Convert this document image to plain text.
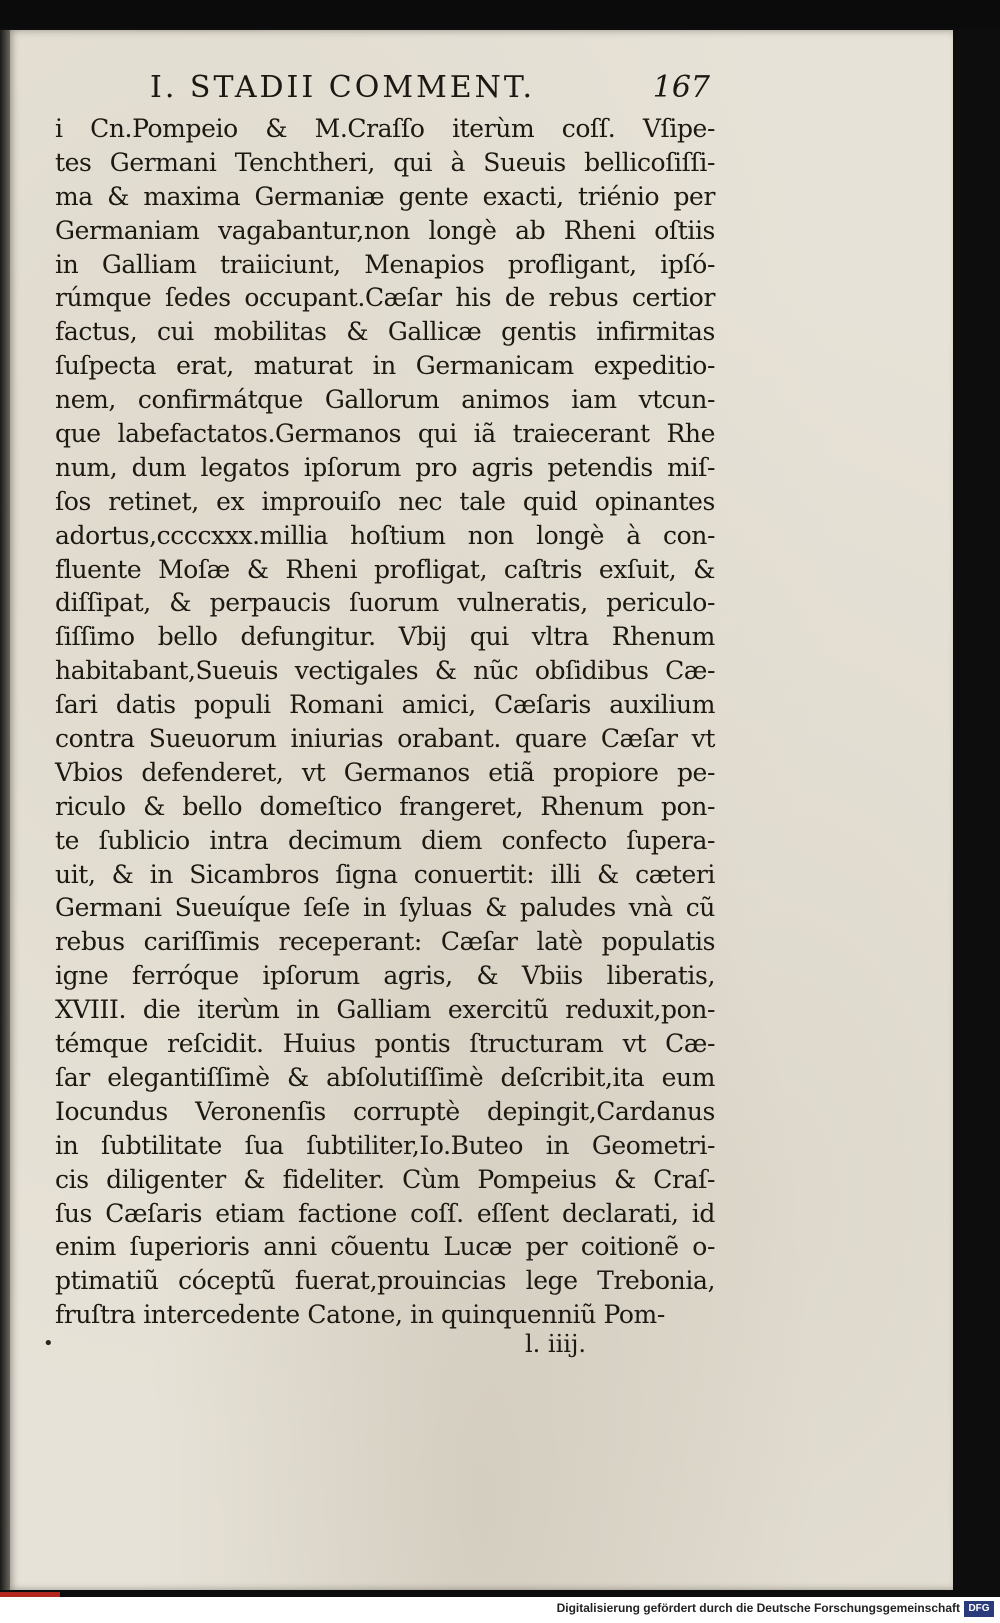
I. STADII COMMENT.	167
i Cn.Pompeio & M.Craſſo iterùm coſſ. Vſipe-
tes Germani Tenchtheri, qui à Sueuis bellicoſiſſi-
ma & maxima Germaniæ gente exacti, triénio per
Germaniam vagabantur,non longè ab Rheni oſtiis
in Galliam traiiciunt, Menapios profligant, ipſó-
rúmque ſedes occupant.Cæſar his de rebus certior
factus, cui mobilitas & Gallicæ gentis infirmitas
ſuſpecta erat, maturat in Germanicam expeditio-
nem, confirmátque Gallorum animos iam vtcun-
que labefactatos.Germanos qui iã traiecerant Rhe
num, dum legatos ipſorum pro agris petendis miſ-
ſos retinet, ex improuiſo nec tale quid opinantes
adortus,ccccxxx.millia hoſtium non longè à con-
fluente Moſæ & Rheni profligat, caſtris exſuit, &
diſſipat, & perpaucis ſuorum vulneratis, periculo-
ſiſſimo bello defungitur. Vbij qui vltra Rhenum
habitabant,Sueuis vectigales & nũc obſidibus Cæ-
ſari datis populi Romani amici, Cæſaris auxilium
contra Sueuorum iniurias orabant. quare Cæſar vt
Vbios defenderet, vt Germanos etiã propiore pe-
riculo & bello domeſtico frangeret, Rhenum pon-
te ſublicio intra decimum diem confecto ſupera-
uit, & in Sicambros ſigna conuertit: illi & cæteri
Germani Sueuíque ſeſe in ſyluas & paludes vnà cũ
rebus cariſſimis receperant: Cæſar latè populatis
igne ferróque ipſorum agris, & Vbiis liberatis,
XVIII. die iterùm in Galliam exercitũ reduxit,pon-
témque reſcidit. Huius pontis ſtructuram vt Cæ-
ſar elegantiſſimè & abſolutiſſimè deſcribit,ita eum
Iocundus Veronenſis corruptè depingit,Cardanus
in ſubtilitate ſua ſubtiliter,Io.Buteo in Geometri-
cis diligenter & fideliter. Cùm Pompeius & Craſ-
ſus Cæſaris etiam factione coſſ. eſſent declarati, id
enim ſuperioris anni cõuentu Lucæ per coitionẽ o-
ptimatiũ cóceptũ fuerat,prouincias lege Trebonia,
fruſtra intercedente Catone, in quinquenniũ Pom-
•	l. iiij.
Digitalisierung gefördert durch die Deutsche Forschungsgemeinschaft DFG
